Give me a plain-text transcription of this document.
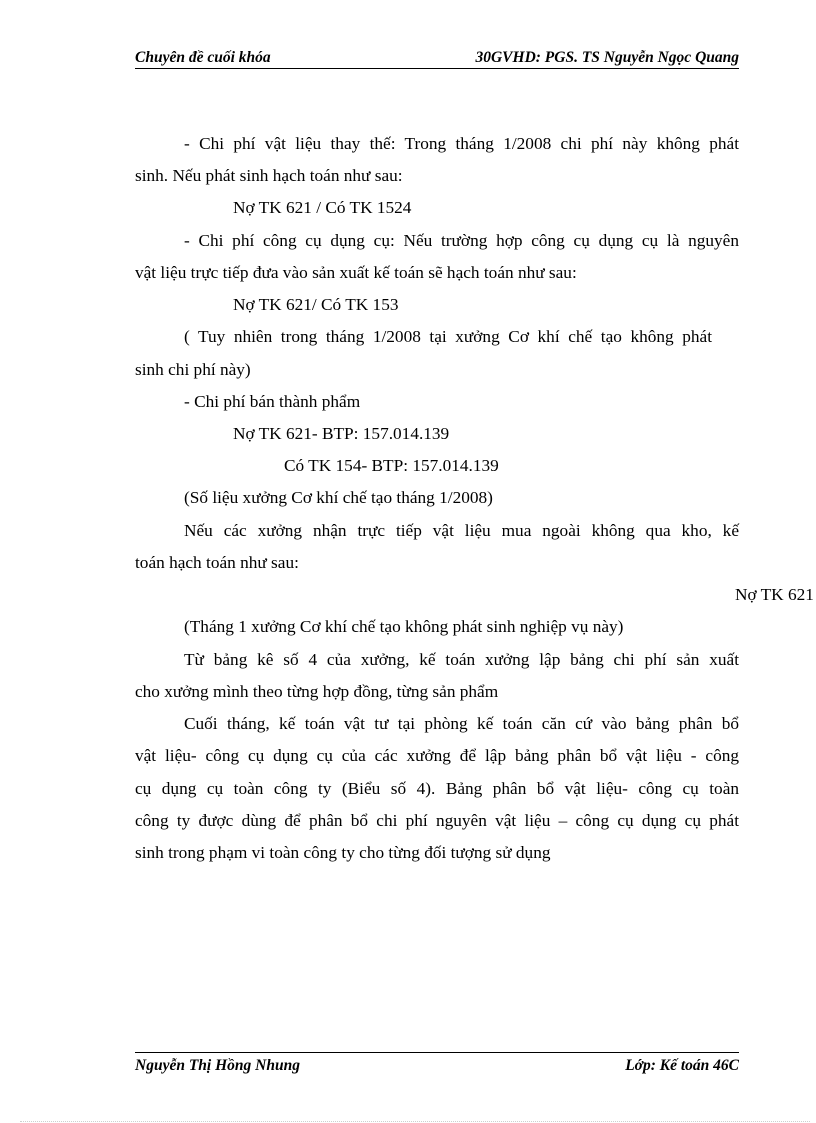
Chuyên đề cuối khóa	30GVHD: PGS. TS Nguyễn Ngọc Quang
- Chi phí vật liệu thay thế: Trong tháng 1/2008 chi phí này không phát
sinh. Nếu phát sinh hạch toán như sau:
Nợ TK 621 / Có TK 1524
- Chi phí công cụ dụng cụ: Nếu trường hợp công cụ dụng cụ là nguyên
vật liệu trực tiếp đưa vào sản xuất kế toán sẽ hạch toán như sau:
Nợ TK 621/ Có TK 153
( Tuy nhiên trong tháng 1/2008 tại xưởng Cơ khí chế tạo không phát
sinh chi phí này)
- Chi phí bán thành phẩm
Nợ TK 621- BTP: 157.014.139
Có TK 154- BTP: 157.014.139
(Số liệu xưởng Cơ khí chế tạo tháng 1/2008)
Nếu các xưởng nhận trực tiếp vật liệu mua ngoài không qua kho, kế
toán hạch toán như sau:
Nợ TK 621
(Tháng 1 xưởng Cơ khí chế tạo không phát sinh nghiệp vụ này)
Từ bảng kê số 4 của xưởng, kế toán xưởng lập bảng chi phí sản xuất
cho xưởng mình theo từng hợp đồng, từng sản phẩm
Cuối tháng, kế toán vật tư tại phòng kế toán căn cứ vào bảng phân bổ
vật liệu- công cụ dụng cụ của các xưởng để lập bảng phân bổ vật liệu - công
cụ dụng cụ toàn công ty (Biểu số 4). Bảng phân bổ vật liệu- công cụ toàn
công ty được dùng để phân bổ chi phí nguyên vật liệu – công cụ dụng cụ phát
sinh trong phạm vi toàn công ty cho từng đối tượng sử dụng
Nguyễn Thị Hồng Nhung	Lớp: Kế toán 46C
